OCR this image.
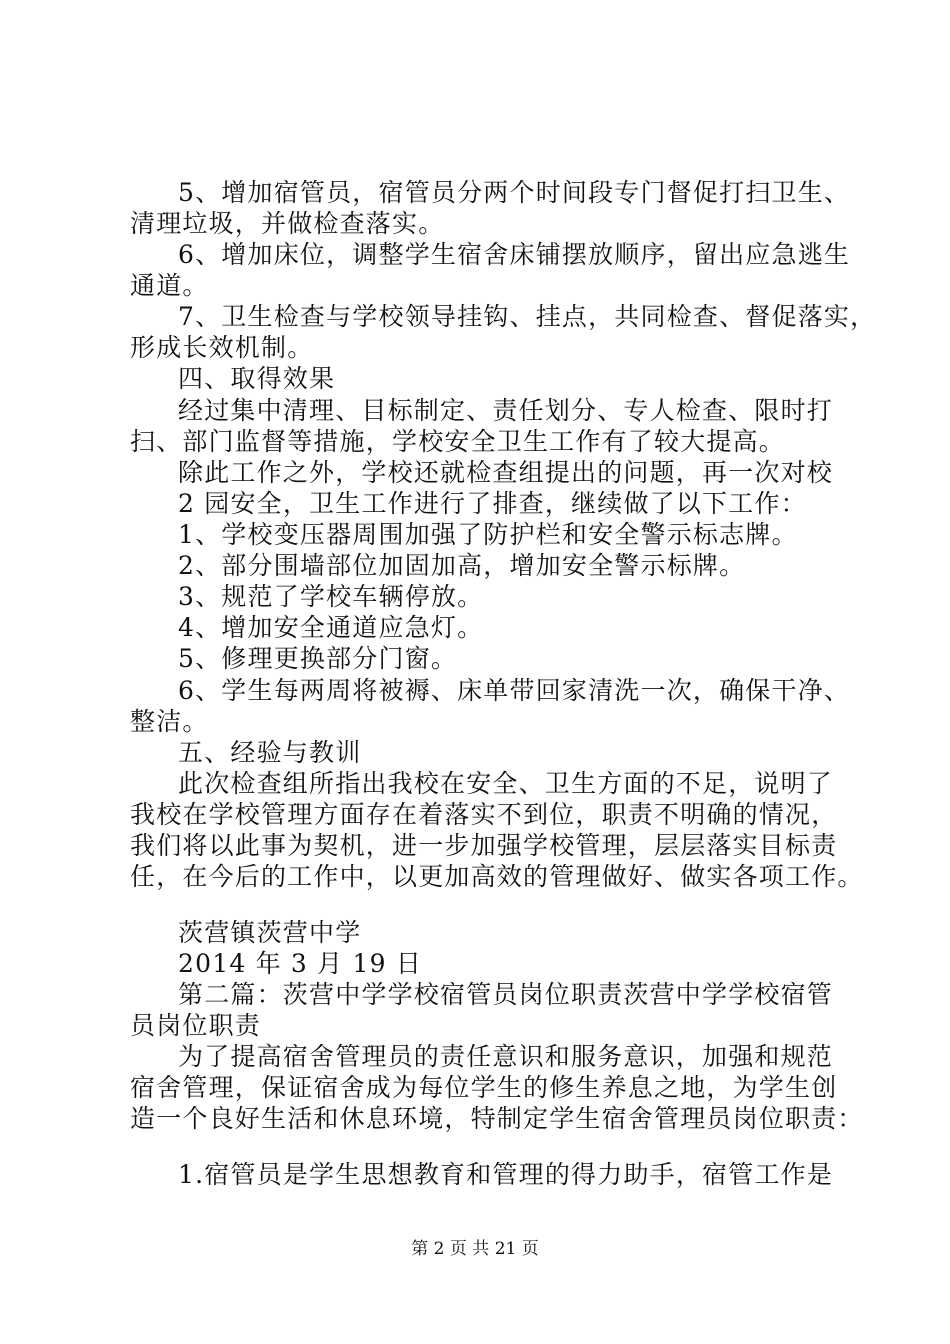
5、增加宿管员，宿管员分两个时间段专门督促打扫卫生、
清理垃圾，并做检查落实。
6、增加床位，调整学生宿舍床铺摆放顺序，留出应急逃生
通道。
7、卫生检查与学校领导挂钩、挂点，共同检查、督促落实，
形成长效机制。
四、取得效果
经过集中清理、目标制定、责任划分、专人检查、限时打
扫、部门监督等措施，学校安全卫生工作有了较大提高。
除此工作之外，学校还就检查组提出的问题，再一次对校
2 园安全，卫生工作进行了排查，继续做了以下工作：
1、学校变压器周围加强了防护栏和安全警示标志牌。
2、部分围墙部位加固加高，增加安全警示标牌。
3、规范了学校车辆停放。
4、增加安全通道应急灯。
5、修理更换部分门窗。
6、学生每两周将被褥、床单带回家清洗一次，确保干净、
整洁。
五、经验与教训
此次检查组所指出我校在安全、卫生方面的不足，说明了
我校在学校管理方面存在着落实不到位，职责不明确的情况，
我们将以此事为契机，进一步加强学校管理，层层落实目标责
任，在今后的工作中，以更加高效的管理做好、做实各项工作。
茨营镇茨营中学
2014 年 3 月 19 日
第二篇：茨营中学学校宿管员岗位职责茨营中学学校宿管
员岗位职责
为了提高宿舍管理员的责任意识和服务意识，加强和规范
宿舍管理，保证宿舍成为每位学生的修生养息之地，为学生创
造一个良好生活和休息环境，特制定学生宿舍管理员岗位职责：
1.宿管员是学生思想教育和管理的得力助手，宿管工作是
第 2 页 共 21 页
